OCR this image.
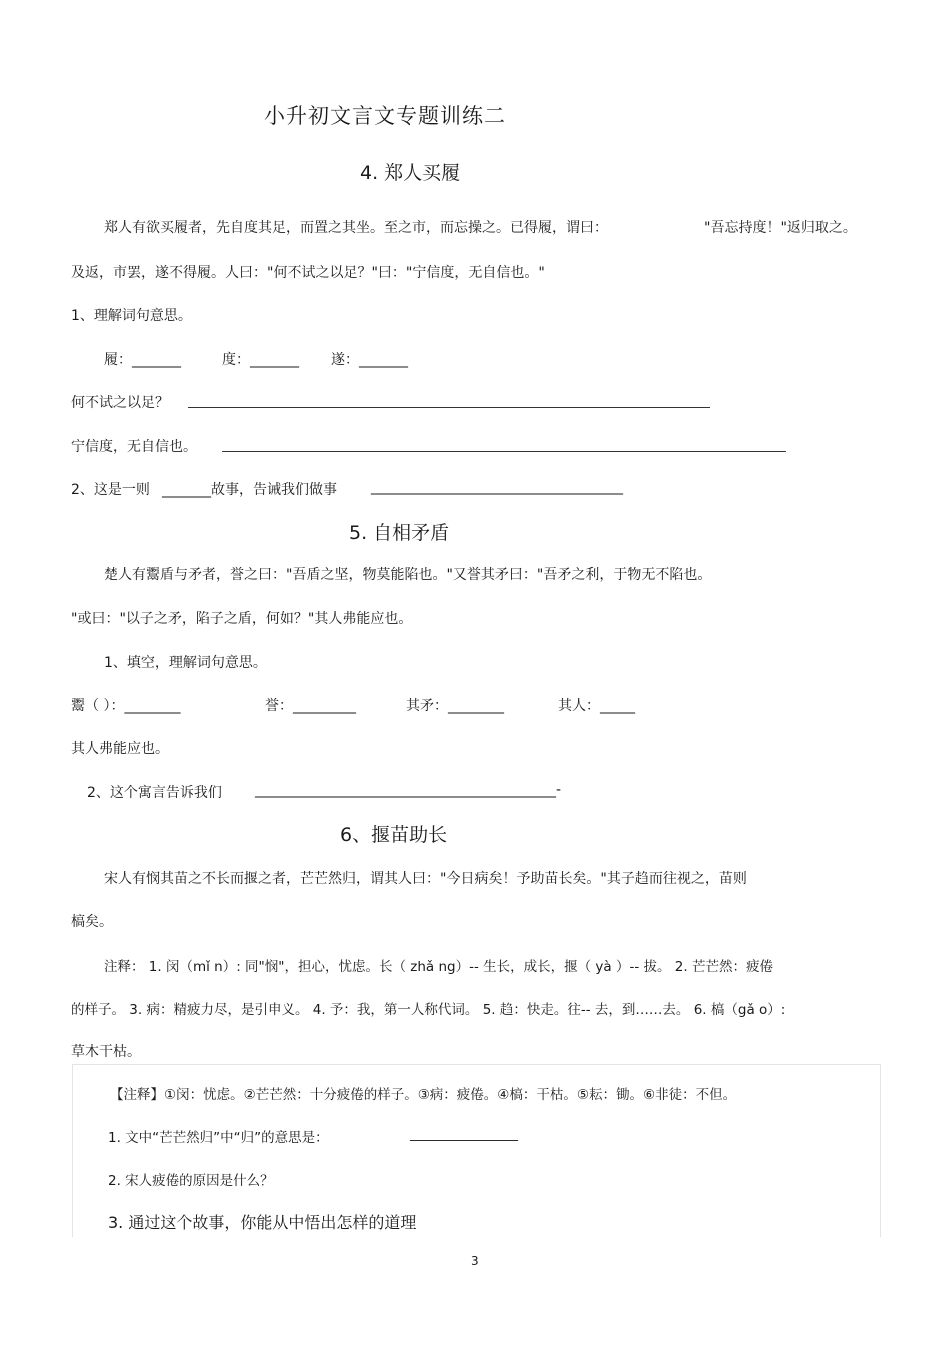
小升初文言文专题训练二
4. 郑人买履
郑人有欲买履者，先自度其足，而置之其坐。至之市，而忘操之。已得履，谓曰：	"吾忘持度！"返归取之。
及返，市罢，遂不得履。人曰："何不试之以足？"曰："宁信度，无自信也。"
1、理解词句意思。
履：_______	度：_______ 遂：_______
何不试之以足？
宁信度，无自信也。
2、这是一则 _______故事，告诫我们做事 ____________________________________
5. 自相矛盾
楚人有鬻盾与矛者，誉之曰："吾盾之坚，物莫能陷也。"又誉其矛曰："吾矛之利，于物无不陷也。
"或曰："以子之矛，陷子之盾，何如？"其人弗能应也。
1、填空，理解词句意思。
鬻（ ）：________	誉：_________	其矛：________	其人：_____
其人弗能应也。
2、这个寓言告诉我们 ___________________________________________-
6、揠苗助长
宋人有悯其苗之不长而揠之者，芒芒然归，谓其人曰："今日病矣！予助苗长矣。"其子趋而往视之，苗则
槁矣。
注释： 1. 闵（mǐ n）: 同"悯"，担心，忧虑。长（ zhǎ ng）-- 生长，成长，揠（ yà ）-- 拔。 2. 芒芒然：疲倦
的样子。 3. 病：精疲力尽，是引申义。 4. 予：我，第一人称代词。 5. 趋：快走。往-- 去，到……去。 6. 槁（gǎ o）:
草木干枯。
【注释】①闵：忧虑。②芒芒然：十分疲倦的样子。③病：疲倦。④槁：干枯。⑤耘：锄。⑥非徒：不但。
1. 文中“芒芒然归”中“归”的意思是：	________________
2. 宋人疲倦的原因是什么？
3. 通过这个故事，你能从中悟出怎样的道理
3
